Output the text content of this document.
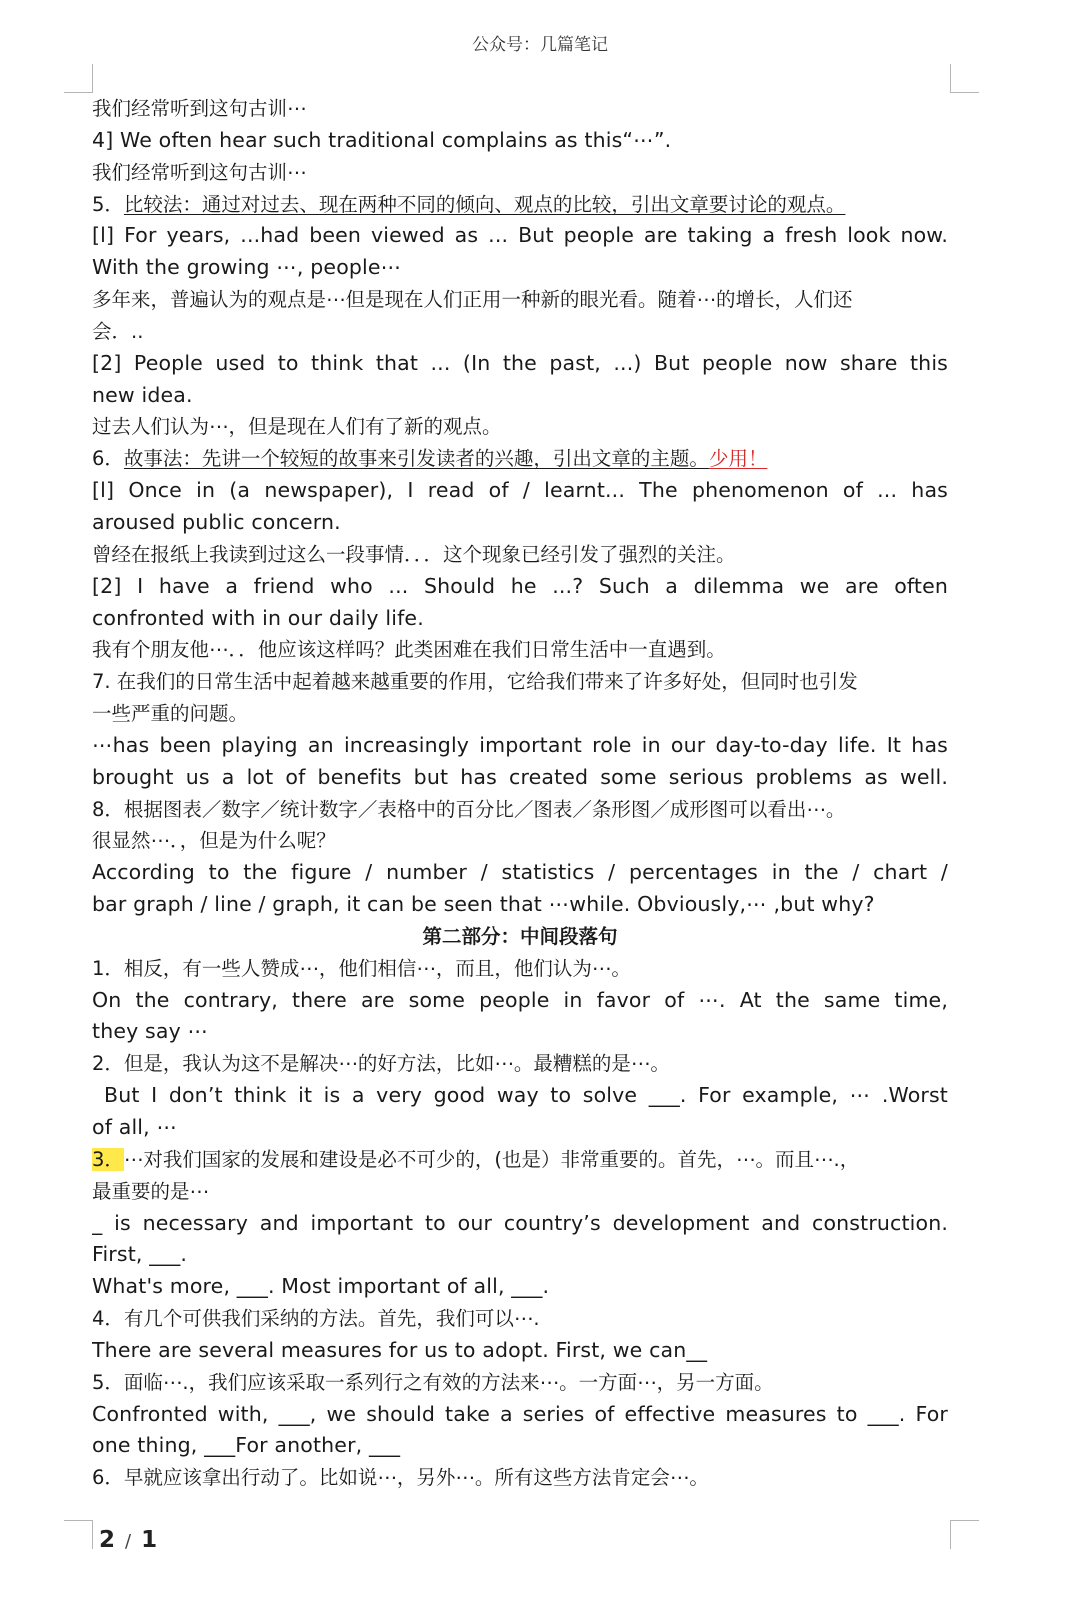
公众号：几篇笔记
我们经常听到这句古训⋯
4] We often hear such traditional complains as this“⋯”.
我们经常听到这句古训⋯
5．比较法：通过对过去、现在两种不同的倾向、观点的比较，引出文章要讨论的观点。
[l] For years, ...had been viewed as ... But people are taking a fresh look now.
With the growing ⋯, people⋯
多年来，普遍认为的观点是⋯但是现在人们正用一种新的眼光看。随着⋯的增长，人们还
会．..
[2] People used to think that ... (In the past, ...) But people now share this
new idea.
过去人们认为⋯，但是现在人们有了新的观点。
6．故事法：先讲一个较短的故事来引发读者的兴趣，引出文章的主题。少用！
[l] Once in (a newspaper), I read of / learnt... The phenomenon of ... has
aroused public concern.
曾经在报纸上我读到过这么一段事情．．．这个现象已经引发了强烈的关注。
[2] I have a friend who ... Should he ...? Such a dilemma we are often
confronted with in our daily life.
我有个朋友他⋯．．他应该这样吗？此类困难在我们日常生活中一直遇到。
7. 在我们的日常生活中起着越来越重要的作用，它给我们带来了许多好处，但同时也引发
一些严重的问题。
⋯has been playing an increasingly important role in our day-to-day life. It has
brought us a lot of benefits but has created some serious problems as well.
8．根据图表／数字／统计数字／表格中的百分比／图表／条形图／成形图可以看出⋯。
很显然⋯．，但是为什么呢？
According to the figure / number / statistics / percentages in the / chart /
bar graph / line / graph, it can be seen that ⋯while. Obviously,⋯ ,but why?
第二部分：中间段落句
1．相反，有一些人赞成⋯，他们相信⋯，而且，他们认为⋯。
On the contrary, there are some people in favor of ⋯. At the same time,
they say ⋯
2．但是，我认为这不是解决⋯的好方法，比如⋯。最糟糕的是⋯。
But I don’t think it is a very good way to solve ___. For example, ⋯ .Worst
of all, ⋯
3．⋯对我们国家的发展和建设是必不可少的，(也是）非常重要的。首先，⋯。而且⋯.，
最重要的是⋯
_ is necessary and important to our country’s development and construction.
First, ___.
What's more, ___. Most important of all, ___.
4．有几个可供我们采纳的方法。首先，我们可以⋯.
There are several measures for us to adopt. First, we can__
5．面临⋯.，我们应该采取一系列行之有效的方法来⋯。一方面⋯，另一方面。
Confronted with, ___, we should take a series of effective measures to ___. For
one thing, ___For another, ___
6．早就应该拿出行动了。比如说⋯，另外⋯。所有这些方法肯定会⋯。
2 / 1
